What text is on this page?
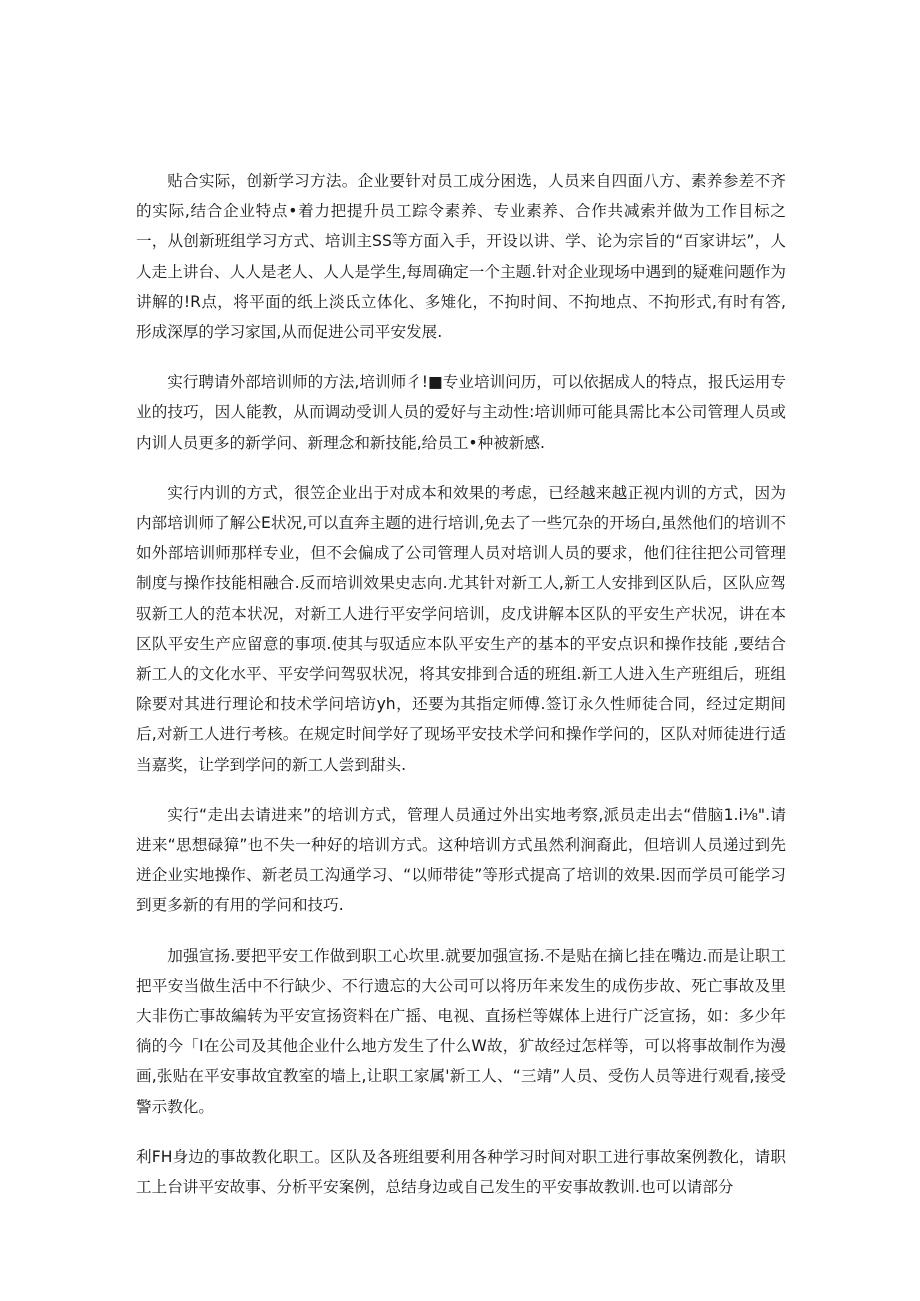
贴合实际，创新学习方法。企业要针对员工成分困选，人员来自四面八方、素养参差不齐的实际,结合企业特点•着力把提升员工踪令素养、专业素养、合作共减索并做为工作目标之一，从创新班组学习方式、培训主SS等方面入手，开设以讲、学、论为宗旨的“百家讲坛”，人人走上讲台、人人是老人、人人是学生,每周确定一个主题.针对企业现场中遇到的疑难问题作为讲解的!R点，将平面的纸上淡氐立体化、多雉化，不拘时间、不拘地点、不拘形式,有时有答,形成深厚的学习家国,从而促进公司平安发展.

实行聘请外部培训师的方法,培训师彳!■专业培训问历，可以依据成人的特点，报氏运用专业的技巧，因人能教，从而调动受训人员的爱好与主动性:培训师可能具需比本公司管理人员或内训人员更多的新学问、新理念和新技能,给员工•种被新感.

实行内训的方式，很笠企业出于对成本和效果的考虑，已经越来越正视内训的方式，因为内部培训师了解公E状况,可以直奔主题的进行培训,免去了一些冗杂的开场白,虽然他们的培训不如外部培训师那样专业，但不会偏成了公司管理人员对培训人员的要求，他们往往把公司管理制度与操作技能相融合.反而培训效果史志向.尤其针对新工人,新工人安排到区队后，区队应驾驭新工人的范本状况，对新工人进行平安学问培训，皮戊讲解本区队的平安生产状况，讲在本区队平安生产应留意的事项.使其与驭适应本队平安生产的基本的平安点识和操作技能 ,要结合新工人的文化水平、平安学问驾驭状况，将其安排到合适的班组.新工人进入生产班组后，班组除要对其进行理论和技术学问培访yh，还要为其指定师傅.签订永久性师徒合同，经过定期间后,对新工人进行考核。在规定时间学好了现场平安技术学问和操作学问的，区队对师徒进行适当嘉奖，让学到学问的新工人尝到甜头.

实行“走出去请进来”的培训方式，管理人员通过外出实地考察,派员走出去“借脑1.i⅛".请进来“思想碌獐”也不失一种好的培训方式。这种培训方式虽然利涧裔此，但培训人员递过到先迸企业实地操作、新老员工沟通学习、“以师带徒”等形式提高了培训的效果.因而学员可能学习到更多新的有用的学问和技巧.

加强宣扬.要把平安工作做到职工心坎里.就要加强宣扬.不是贴在摘匕挂在嘴边.而是让职工把平安当做生活中不行缺少、不行遗忘的大公司可以将历年来发生的成伤步故、死亡事故及里大非伤亡事故編转为平安宣扬资料在广摇、电视、直扬栏等媒体上进行广泛宣扬，如：多少年徜的今「I在公司及其他企业什么地方发生了什么W故，犷故经过怎样等，可以将事故制作为漫画,张贴在平安事故宜教室的墙上,让职工家属'新工人、“三靖”人员、受伤人员等进行观看,接受警示教化。

利FH身边的事故教化职工。区队及各班组要利用各种学习时间对职工进行事故案例教化，请职工上台讲平安故事、分析平安案例，总结身边或自己发生的平安事故教训.也可以请部分
